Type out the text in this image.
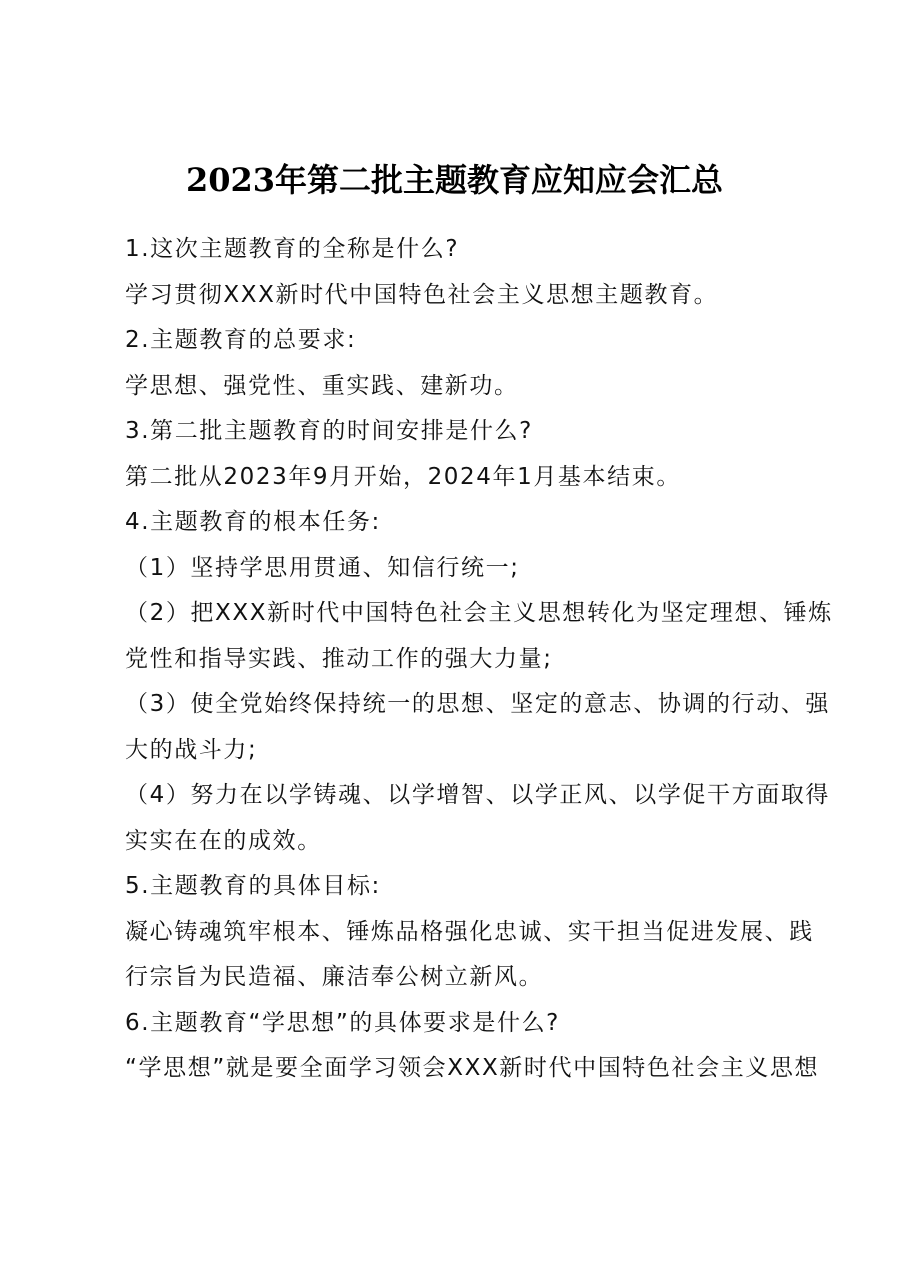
2023年第二批主题教育应知应会汇总

1.这次主题教育的全称是什么?

学习贯彻XXX新时代中国特色社会主义思想主题教育。

2.主题教育的总要求:

学思想、强党性、重实践、建新功。

3.第二批主题教育的时间安排是什么?

第二批从2023年9月开始，2024年1月基本结束。

4.主题教育的根本任务:

（1）坚持学思用贯通、知信行统一;

（2）把XXX新时代中国特色社会主义思想转化为坚定理想、锤炼

党性和指导实践、推动工作的强大力量;

（3）使全党始终保持统一的思想、坚定的意志、协调的行动、强

大的战斗力;

（4）努力在以学铸魂、以学增智、以学正风、以学促干方面取得

实实在在的成效。

5.主题教育的具体目标:

凝心铸魂筑牢根本、锤炼品格强化忠诚、实干担当促进发展、践

行宗旨为民造福、廉洁奉公树立新风。

6.主题教育“学思想”的具体要求是什么?

“学思想”就是要全面学习领会XXX新时代中国特色社会主义思想
